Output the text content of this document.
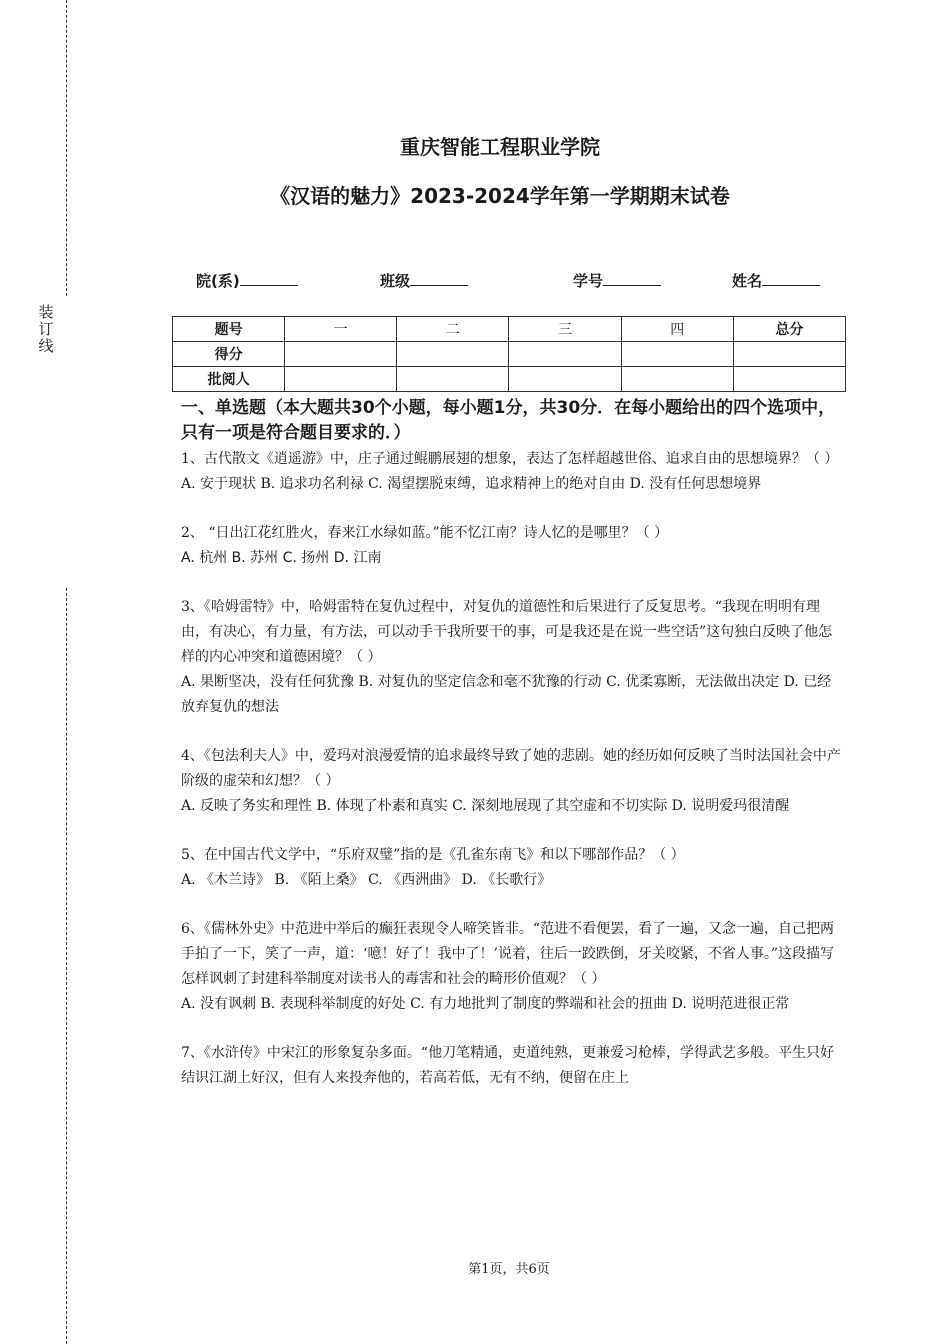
装订线
重庆智能工程职业学院
《汉语的魅力》2023-2024学年第一学期期末试卷
院(系)	班级	学号	姓名
题号	一	二	三	四	总分
得分					
批阅人					
一、单选题（本大题共30个小题，每小题1分，共30分．在每小题给出的四个选项中，只有一项是符合题目要求的．）

1、古代散文《逍遥游》中，庄子通过鲲鹏展翅的想象，表达了怎样超越世俗、追求自由的思想境界？（ ）

A. 安于现状 B. 追求功名利禄 C. 渴望摆脱束缚，追求精神上的绝对自由 D. 没有任何思想境界

2、 “日出江花红胜火，春来江水绿如蓝。”能不忆江南？诗人忆的是哪里？（ ）

A. 杭州 B. 苏州 C. 扬州 D. 江南

3、《哈姆雷特》中，哈姆雷特在复仇过程中，对复仇的道德性和后果进行了反复思考。“我现在明明有理由，有决心，有力量，有方法，可以动手干我所要干的事，可是我还是在说一些空话”这句独白反映了他怎样的内心冲突和道德困境？（ ）

A. 果断坚决，没有任何犹豫 B. 对复仇的坚定信念和毫不犹豫的行动 C. 优柔寡断，无法做出决定 D. 已经放弃复仇的想法

4、《包法利夫人》中，爱玛对浪漫爱情的追求最终导致了她的悲剧。她的经历如何反映了当时法国社会中产阶级的虚荣和幻想？（ ）

A. 反映了务实和理性 B. 体现了朴素和真实 C. 深刻地展现了其空虚和不切实际 D. 说明爱玛很清醒

5、在中国古代文学中，“乐府双璧”指的是《孔雀东南飞》和以下哪部作品？（ ）

A. 《木兰诗》 B. 《陌上桑》 C. 《西洲曲》 D. 《长歌行》

6、《儒林外史》中范进中举后的癫狂表现令人啼笑皆非。“范进不看便罢，看了一遍，又念一遍，自己把两手拍了一下，笑了一声，道：‘噫！好了！我中了！’说着，往后一跤跌倒，牙关咬紧，不省人事。”这段描写怎样讽刺了封建科举制度对读书人的毒害和社会的畸形价值观？（ ）

A. 没有讽刺 B. 表现科举制度的好处 C. 有力地批判了制度的弊端和社会的扭曲 D. 说明范进很正常

7、《水浒传》中宋江的形象复杂多面。“他刀笔精通，吏道纯熟，更兼爱习枪棒，学得武艺多般。平生只好结识江湖上好汉，但有人来投奔他的，若高若低，无有不纳，便留在庄上

第1页，共6页
